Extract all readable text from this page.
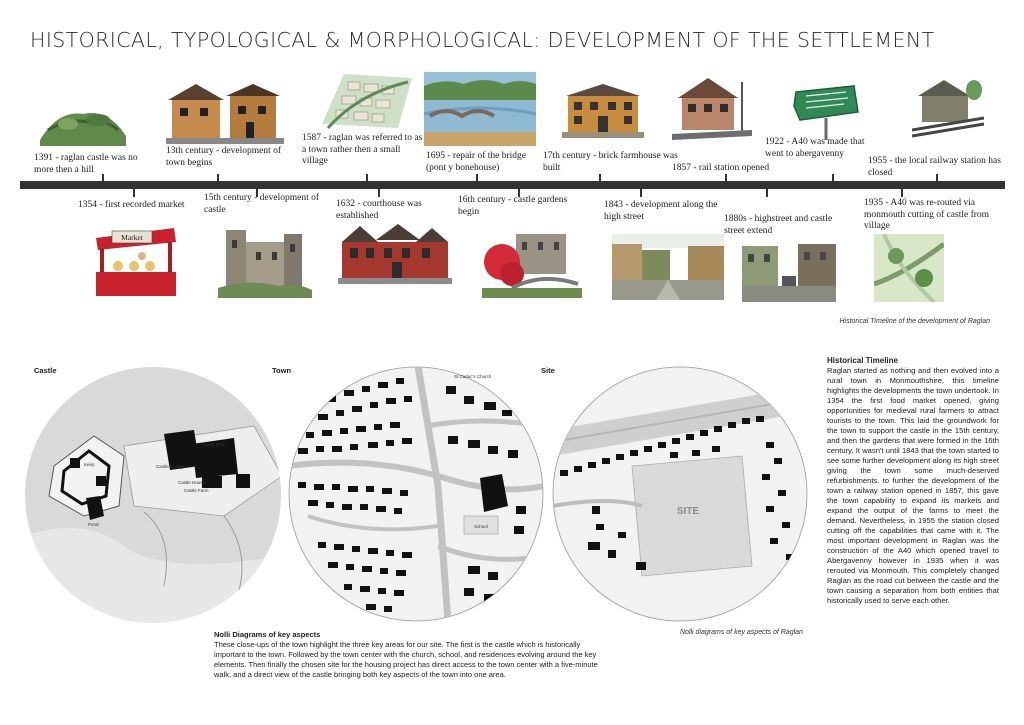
HISTORICAL, TYPOLOGICAL & MORPHOLOGICAL: DEVELOPMENT OF THE SETTLEMENT
1391 - raglan castle was no more then a hill
13th century - development of town begins
1587 - raglan was referred to as a town rather then a small village	1695 - repair of the bridge (pont y bonehouse)
17th century - brick farmhouse was built	1857 - rail station opened
1922 - A40 was made that went to abergavenny
1955 - the local railway station has closed
1354 - first recorded market
15th century - development of castle
1632 - courthouse was established
16th century - castle gardens begin
1843 - development along the high street	1880s - highstreet and castle street extend
1935 - A40 was re-routed via monmouth cutting of castle from village
Market
Historical Timeline of the development of Raglan
Castle	Town	Site
Castle Cottage
Castle Barn
Castle House
Castle Farm
Keep
Pond
St Cadoc's Church
School
SITE
Nolli diagrams of key aspects of Raglan
Nolli Diagrams of key aspects
These close-ups of the town highlight the three key areas for our site. The first is the castle which is historically important to the town. Followed by the town center with the church, school, and residences evolving around the key elements. Then finally the chosen site for the housing project has direct access to the town center with a five-minute walk, and a direct view of the castle bringing both key aspects of the town into one area.
Historical Timeline
Raglan started as nothing and then evolved into a rural town in Monmouthshire, this timeline highlights the developments the town undertook. In 1354 the first food market opened, giving opportunities for medieval rural farmers to attract tourists to the town. This laid the groundwork for the town to support the castle in the 15th century, and then the gardens that were formed in the 16th century. It wasn't until 1843 that the town started to see some further development along its high street giving the town some much-deserved refurbishments. to further the development of the town a railway station opened in 1857, this gave the town capability to expand its markets and expand the output of the farms to meet the demand. Nevertheless, in 1955 the station closed cutting off the capabilities that came with it. The most important development in Raglan was the construction of the A40 which opened travel to Abergavenny however in 1935 when it was rerouted via Monmouth. This completely changed Raglan as the road cut between the castle and the town causing a separation from both entities that historically used to serve each other.
